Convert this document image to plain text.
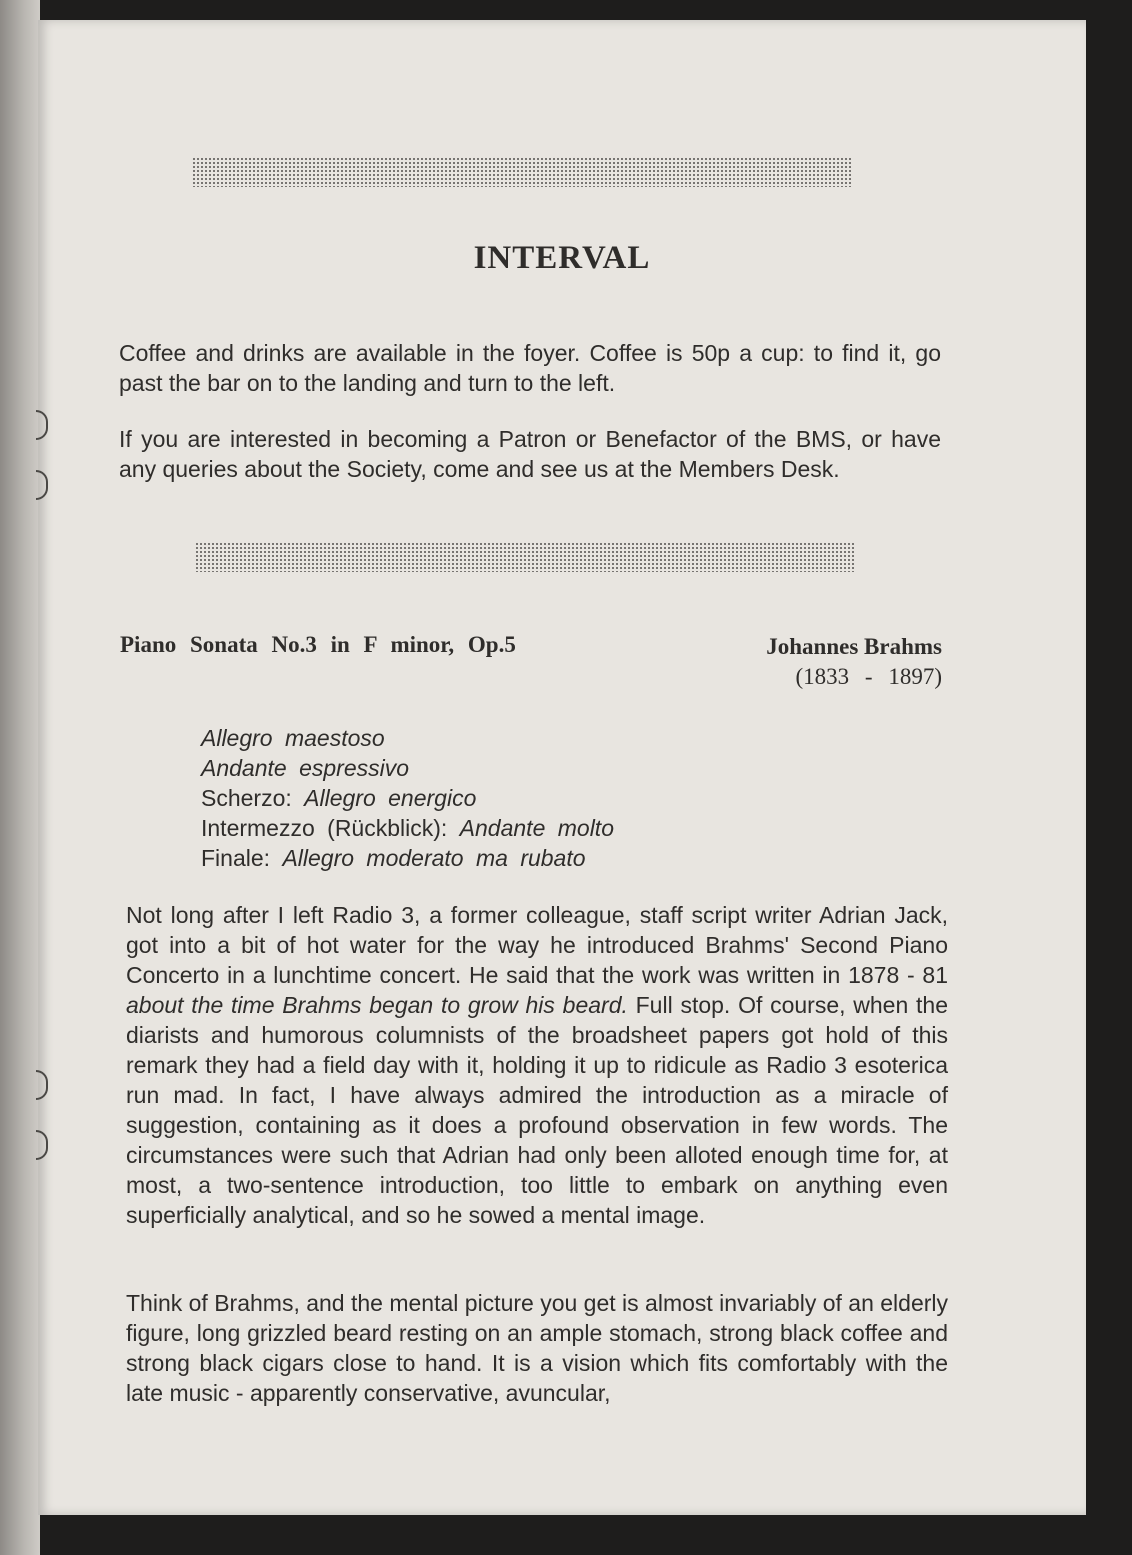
INTERVAL

Coffee and drinks are available in the foyer. Coffee is 50p a cup: to find it, go past the bar on to the landing and turn to the left.

If you are interested in becoming a Patron or Benefactor of the BMS, or have any queries about the Society, come and see us at the Members Desk.

Piano Sonata No.3 in F minor, Op.5	Johannes Brahms
(1833 - 1897)
Allegro maestoso
Andante espressivo
Scherzo: Allegro energico
Intermezzo (Rückblick): Andante molto
Finale: Allegro moderato ma rubato

Not long after I left Radio 3, a former colleague, staff script writer Adrian Jack, got into a bit of hot water for the way he introduced Brahms' Second Piano Concerto in a lunchtime concert. He said that the work was written in 1878 - 81 about the time Brahms began to grow his beard. Full stop. Of course, when the diarists and humorous columnists of the broadsheet papers got hold of this remark they had a field day with it, holding it up to ridicule as Radio 3 esoterica run mad. In fact, I have always admired the introduction as a miracle of suggestion, containing as it does a profound observation in few words. The circumstances were such that Adrian had only been alloted enough time for, at most, a two-sentence introduction, too little to embark on anything even superficially analytical, and so he sowed a mental image.

Think of Brahms, and the mental picture you get is almost invariably of an elderly figure, long grizzled beard resting on an ample stomach, strong black coffee and strong black cigars close to hand. It is a vision which fits comfortably with the late music - apparently conservative, avuncular,
